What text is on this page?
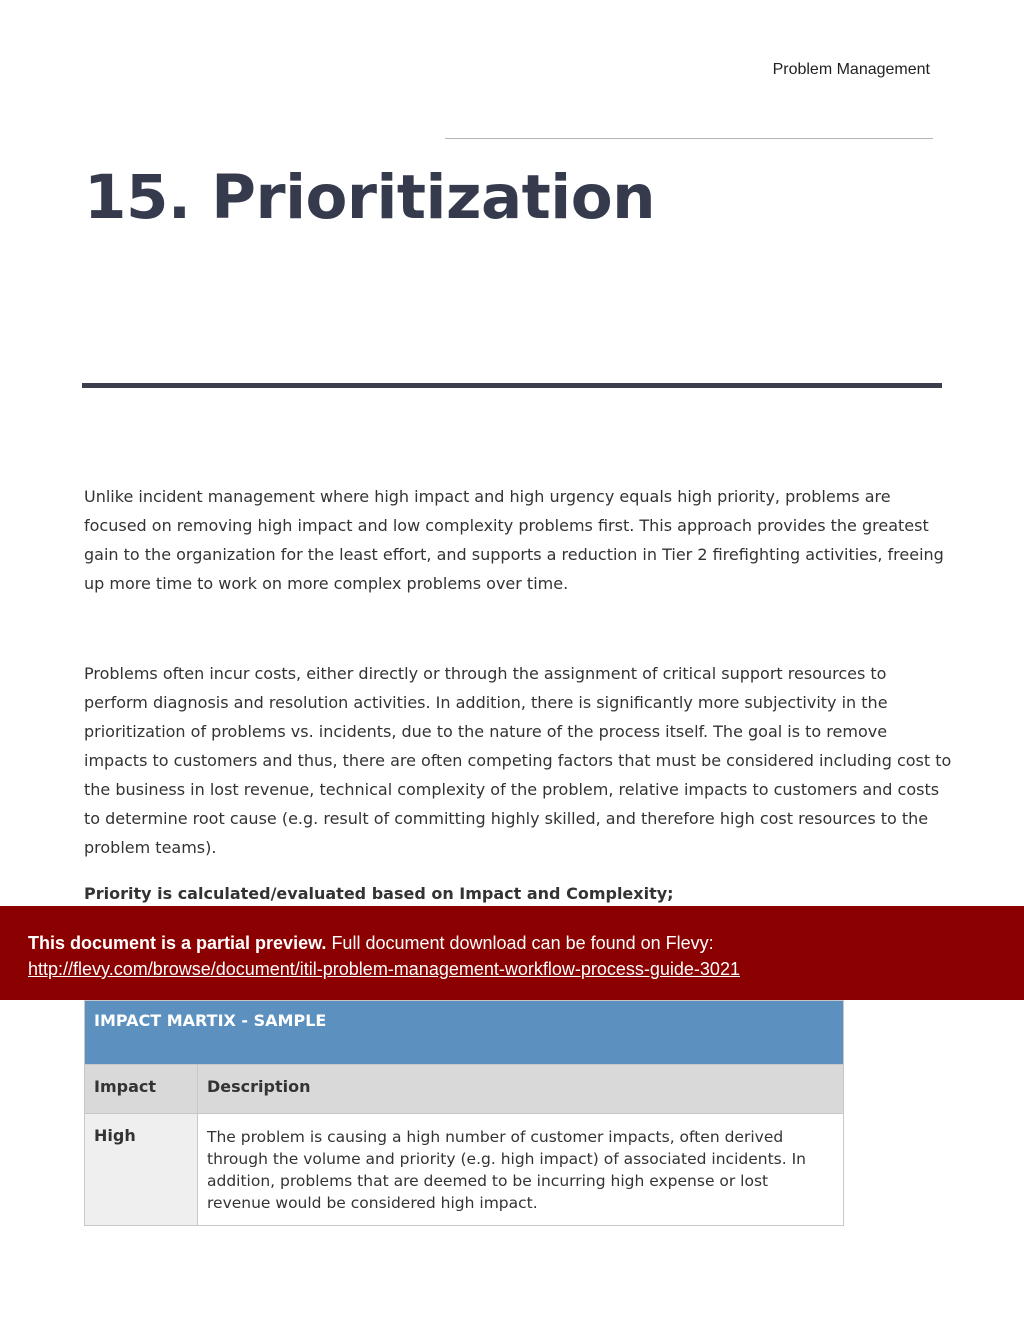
Problem Management
15. Prioritization

Unlike incident management where high impact and high urgency equals high priority, problems are focused on removing high impact and low complexity problems first. This approach provides the greatest gain to the organization for the least effort, and supports a reduction in Tier 2 firefighting activities, freeing up more time to work on more complex problems over time.

Problems often incur costs, either directly or through the assignment of critical support resources to perform diagnosis and resolution activities. In addition, there is significantly more subjectivity in the prioritization of problems vs. incidents, due to the nature of the process itself. The goal is to remove impacts to customers and thus, there are often competing factors that must be considered including cost to the business in lost revenue, technical complexity of the problem, relative impacts to customers and costs to determine root cause (e.g. result of committing highly skilled, and therefore high cost resources to the problem teams).

Priority is calculated/evaluated based on Impact and Complexity;

This document is a partial preview. Full document download can be found on Flevy:
http://flevy.com/browse/document/itil-problem-management-workflow-process-guide-3021
IMPACT MARTIX - SAMPLE
Impact	Description
High	The problem is causing a high number of customer impacts, often derived through the volume and priority (e.g. high impact) of associated incidents. In addition, problems that are deemed to be incurring high expense or lost revenue would be considered high impact.
